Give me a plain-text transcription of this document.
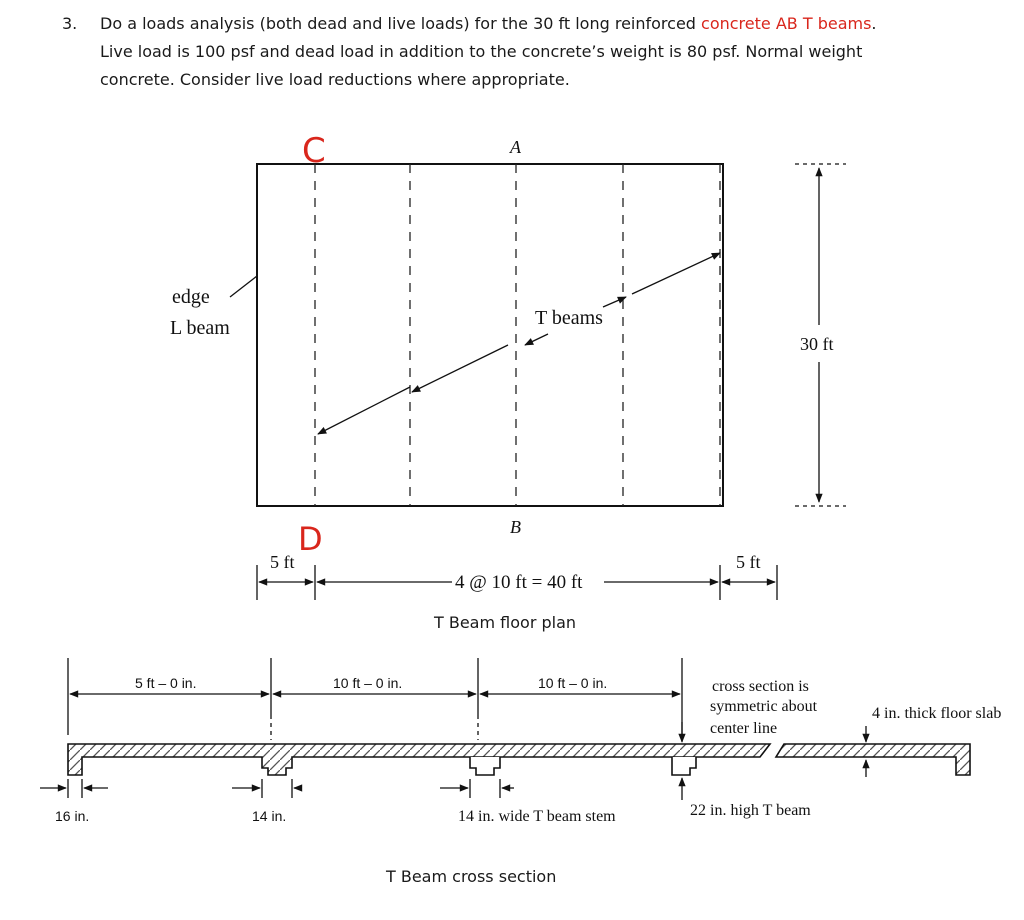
3. Do a loads analysis (both dead and live loads) for the 30 ft long reinforced concrete AB T beams.
Live load is 100 psf and dead load in addition to the concrete’s weight is 80 psf. Normal weight
concrete. Consider live load reductions where appropriate.
C
D
A
B
edge
L beam	T beams
30 ft
5 ft	5 ft
4 @ 10 ft = 40 ft
T Beam floor plan
5 ft – 0 in.	10 ft – 0 in.	10 ft – 0 in.	cross section is
symmetric about
center line
4 in. thick floor slab
16 in.	14 in.	14 in. wide T beam stem	22 in. high T beam
T Beam cross section
